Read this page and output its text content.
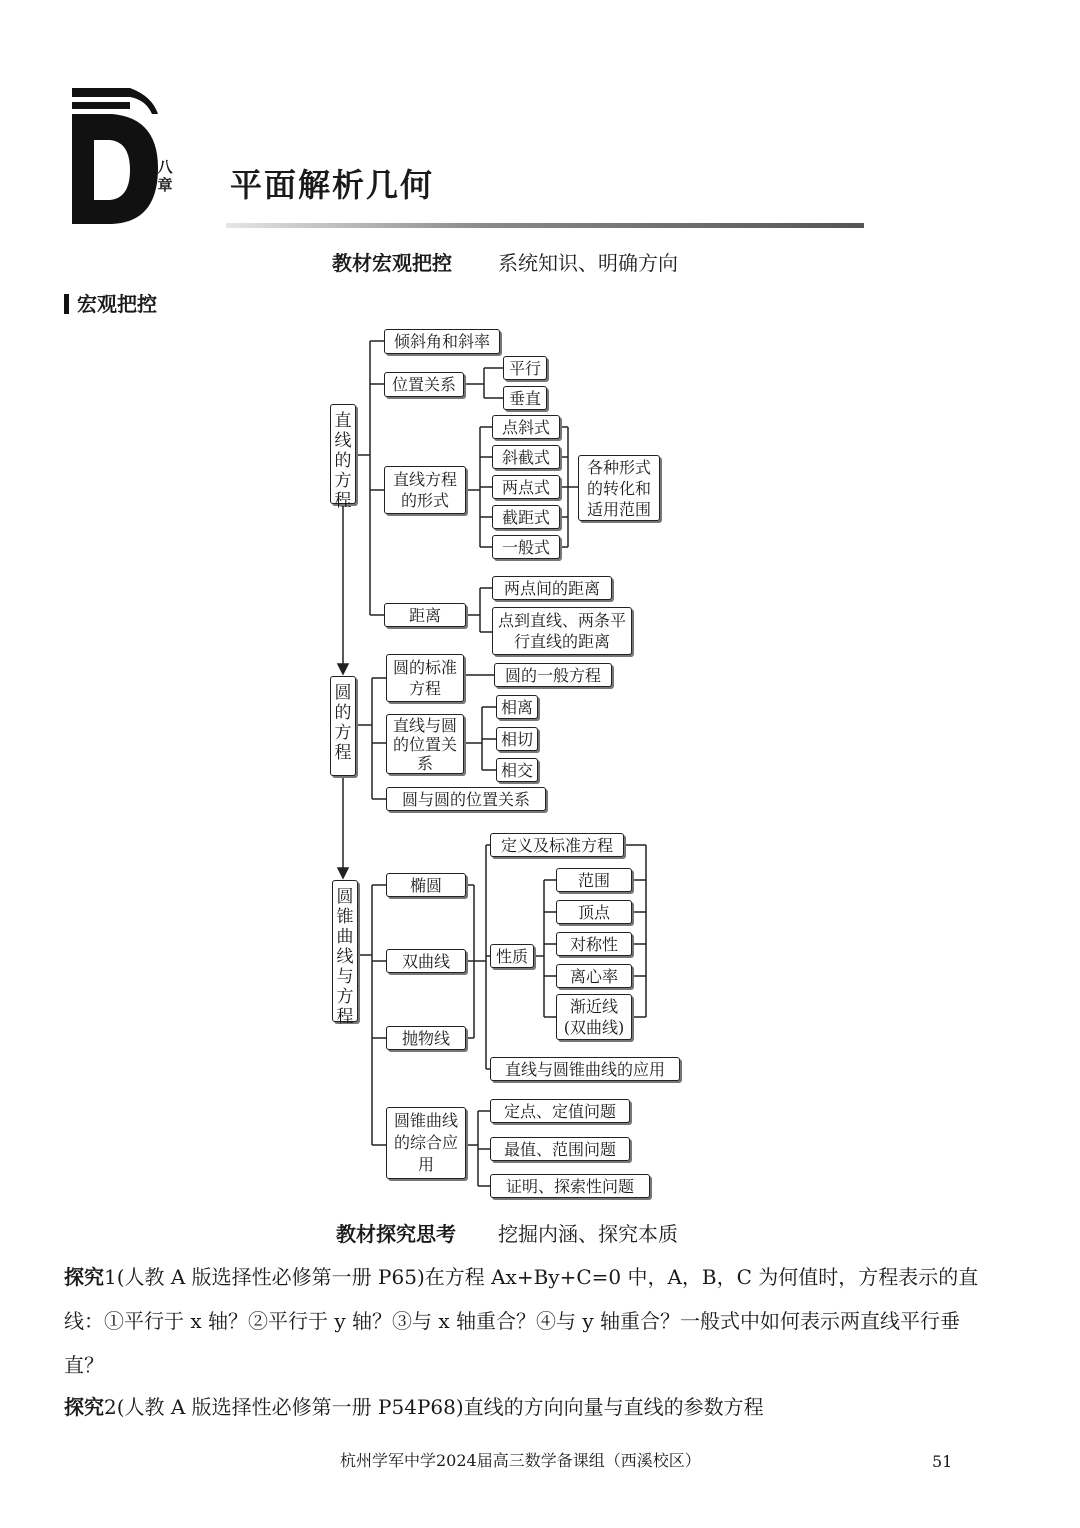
八章 平面解析几何
教材宏观把控 系统知识、明确方向
宏观把控
直
线
的
方
程
倾斜角和斜率
位置关系
平行
垂直
直线方程的形式
点斜式
斜截式
两点式
截距式
一般式
各种形式的转化和适用范围
距离
两点间的距离
点到直线、两条平行直线的距离
圆
的
方
程
圆的标准方程
圆的一般方程
直线与圆的位置关系
相离
相切
相交
圆与圆的位置关系
圆
锥
曲
线
与
方
程
椭圆
双曲线
抛物线
定义及标准方程
性质
范围
顶点
对称性
离心率
渐近线(双曲线)
直线与圆锥曲线的应用
圆锥曲线的综合应用
定点、定值问题
最值、范围问题
证明、探索性问题
教材探究思考 挖掘内涵、探究本质
探究1(人教 A 版选择性必修第一册 P65)在方程 Ax+By+C=0 中，A，B，C 为何值时，方程表示的直线：①平行于 x 轴？②平行于 y 轴？③与 x 轴重合？④与 y 轴重合？一般式中如何表示两直线平行垂直？
探究2(人教 A 版选择性必修第一册 P54P68)直线的方向向量与直线的参数方程
杭州学军中学2024届高三数学备课组（西溪校区）	51
